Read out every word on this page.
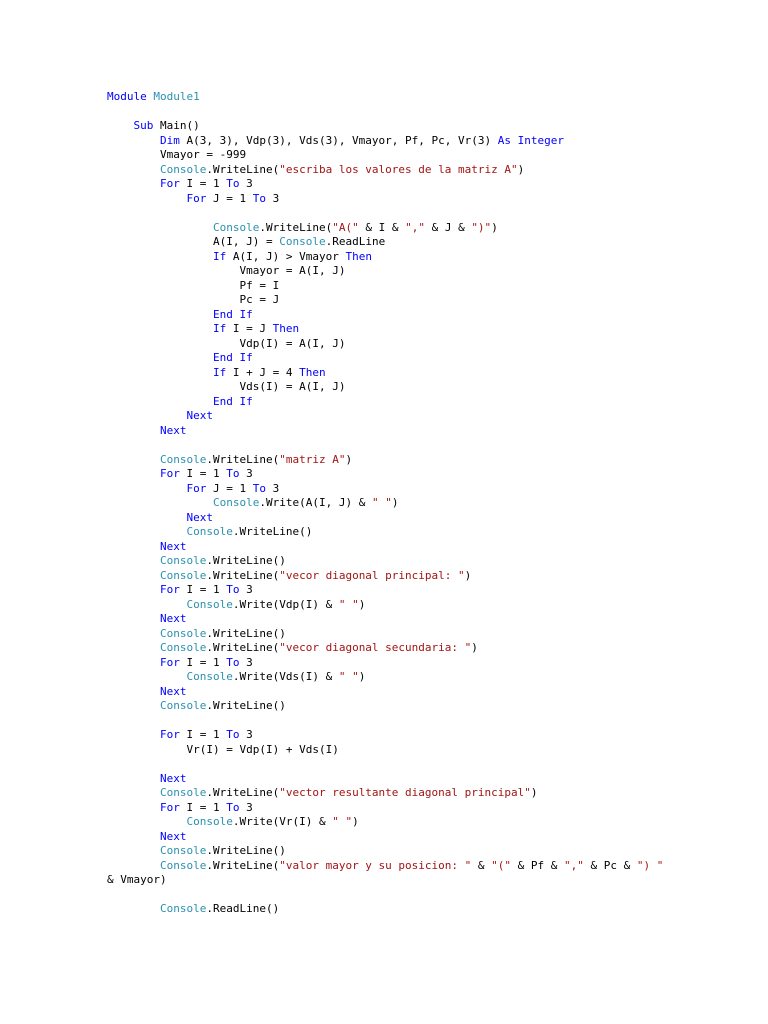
Module Module1
Sub Main()
Dim A(3, 3), Vdp(3), Vds(3), Vmayor, Pf, Pc, Vr(3) As Integer
Vmayor = -999
Console.WriteLine("escriba los valores de la matriz A")
For I = 1 To 3
For J = 1 To 3
Console.WriteLine("A(" & I & "," & J & ")")
A(I, J) = Console.ReadLine
If A(I, J) > Vmayor Then
Vmayor = A(I, J)
Pf = I
Pc = J
End If
If I = J Then
Vdp(I) = A(I, J)
End If
If I + J = 4 Then
Vds(I) = A(I, J)
End If
Next
Next
Console.WriteLine("matriz A")
For I = 1 To 3
For J = 1 To 3
Console.Write(A(I, J) & " ")
Next
Console.WriteLine()
Next
Console.WriteLine()
Console.WriteLine("vecor diagonal principal: ")
For I = 1 To 3
Console.Write(Vdp(I) & " ")
Next
Console.WriteLine()
Console.WriteLine("vecor diagonal secundaria: ")
For I = 1 To 3
Console.Write(Vds(I) & " ")
Next
Console.WriteLine()
For I = 1 To 3
Vr(I) = Vdp(I) + Vds(I)
Next
Console.WriteLine("vector resultante diagonal principal")
For I = 1 To 3
Console.Write(Vr(I) & " ")
Next
Console.WriteLine()
Console.WriteLine("valor mayor y su posicion: " & "(" & Pf & "," & Pc & ") "
& Vmayor)
Console.ReadLine()
